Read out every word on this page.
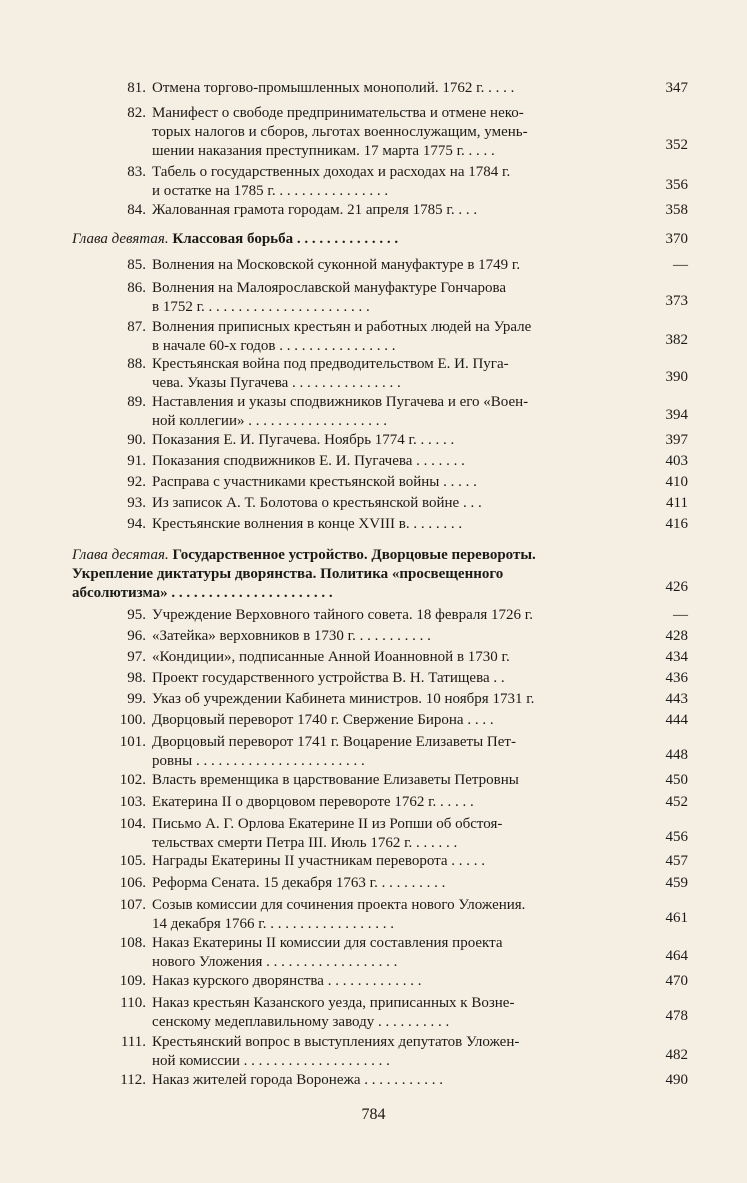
81. Отмена торгово-промышленных монополий. 1762 г. . . . .	347
82. Манифест о свободе предпринимательства и отмене неко-
торых налогов и сборов, льготах военнослужащим, умень-
шении наказания преступникам. 17 марта 1775 г. . . . .	352
83. Табель о государственных доходах и расходах на 1784 г.
и остатке на 1785 г. . . . . . . . . . . . . . . .	356
84. Жалованная грамота городам. 21 апреля 1785 г. . . .	358
Глава девятая. Классовая борьба . . . . . . . . . . . . . .	370
85. Волнения на Московской суконной мануфактуре в 1749 г.	—
86. Волнения на Малоярославской мануфактуре Гончарова
в 1752 г. . . . . . . . . . . . . . . . . . . . . . .	373
87. Волнения приписных крестьян и работных людей на Урале
в начале 60-х годов . . . . . . . . . . . . . . . .	382
88. Крестьянская война под предводительством Е. И. Пуга-
чева. Указы Пугачева . . . . . . . . . . . . . . .	390
89. Наставления и указы сподвижников Пугачева и его «Воен-
ной коллегии» . . . . . . . . . . . . . . . . . . .	394
90. Показания Е. И. Пугачева. Ноябрь 1774 г. . . . . .	397
91. Показания сподвижников Е. И. Пугачева . . . . . . .	403
92. Расправа с участниками крестьянской войны . . . . .	410
93. Из записок А. Т. Болотова о крестьянской войне . . .	411
94. Крестьянские волнения в конце XVIII в. . . . . . . .	416
Глава десятая. Государственное устройство. Дворцовые перевороты.
Укрепление диктатуры дворянства. Политика «просвещенного
абсолютизма» . . . . . . . . . . . . . . . . . . . . . .	426
95. Учреждение Верховного тайного совета. 18 февраля 1726 г.	—
96. «Затейка» верховников в 1730 г. . . . . . . . . . .	428
97. «Кондиции», подписанные Анной Иоанновной в 1730 г.	434
98. Проект государственного устройства В. Н. Татищева . .	436
99. Указ об учреждении Кабинета министров. 10 ноября 1731 г.	443
100. Дворцовый переворот 1740 г. Свержение Бирона . . . .	444
101. Дворцовый переворот 1741 г. Воцарение Елизаветы Пет-
ровны . . . . . . . . . . . . . . . . . . . . . . .	448
102. Власть временщика в царствование Елизаветы Петровны	450
103. Екатерина II о дворцовом перевороте 1762 г. . . . . .	452
104. Письмо А. Г. Орлова Екатерине II из Ропши об обстоя-
тельствах смерти Петра III. Июль 1762 г. . . . . . .	456
105. Награды Екатерины II участникам переворота . . . . .	457
106. Реформа Сената. 15 декабря 1763 г. . . . . . . . . .	459
107. Созыв комиссии для сочинения проекта нового Уложения.
14 декабря 1766 г. . . . . . . . . . . . . . . . . .	461
108. Наказ Екатерины II комиссии для составления проекта
нового Уложения . . . . . . . . . . . . . . . . . .	464
109. Наказ курского дворянства . . . . . . . . . . . . .	470
110. Наказ крестьян Казанского уезда, приписанных к Возне-
сенскому медеплавильному заводу . . . . . . . . . .	478
111. Крестьянский вопрос в выступлениях депутатов Уложен-
ной комиссии . . . . . . . . . . . . . . . . . . . .	482
112. Наказ жителей города Воронежа . . . . . . . . . . .	490
784
